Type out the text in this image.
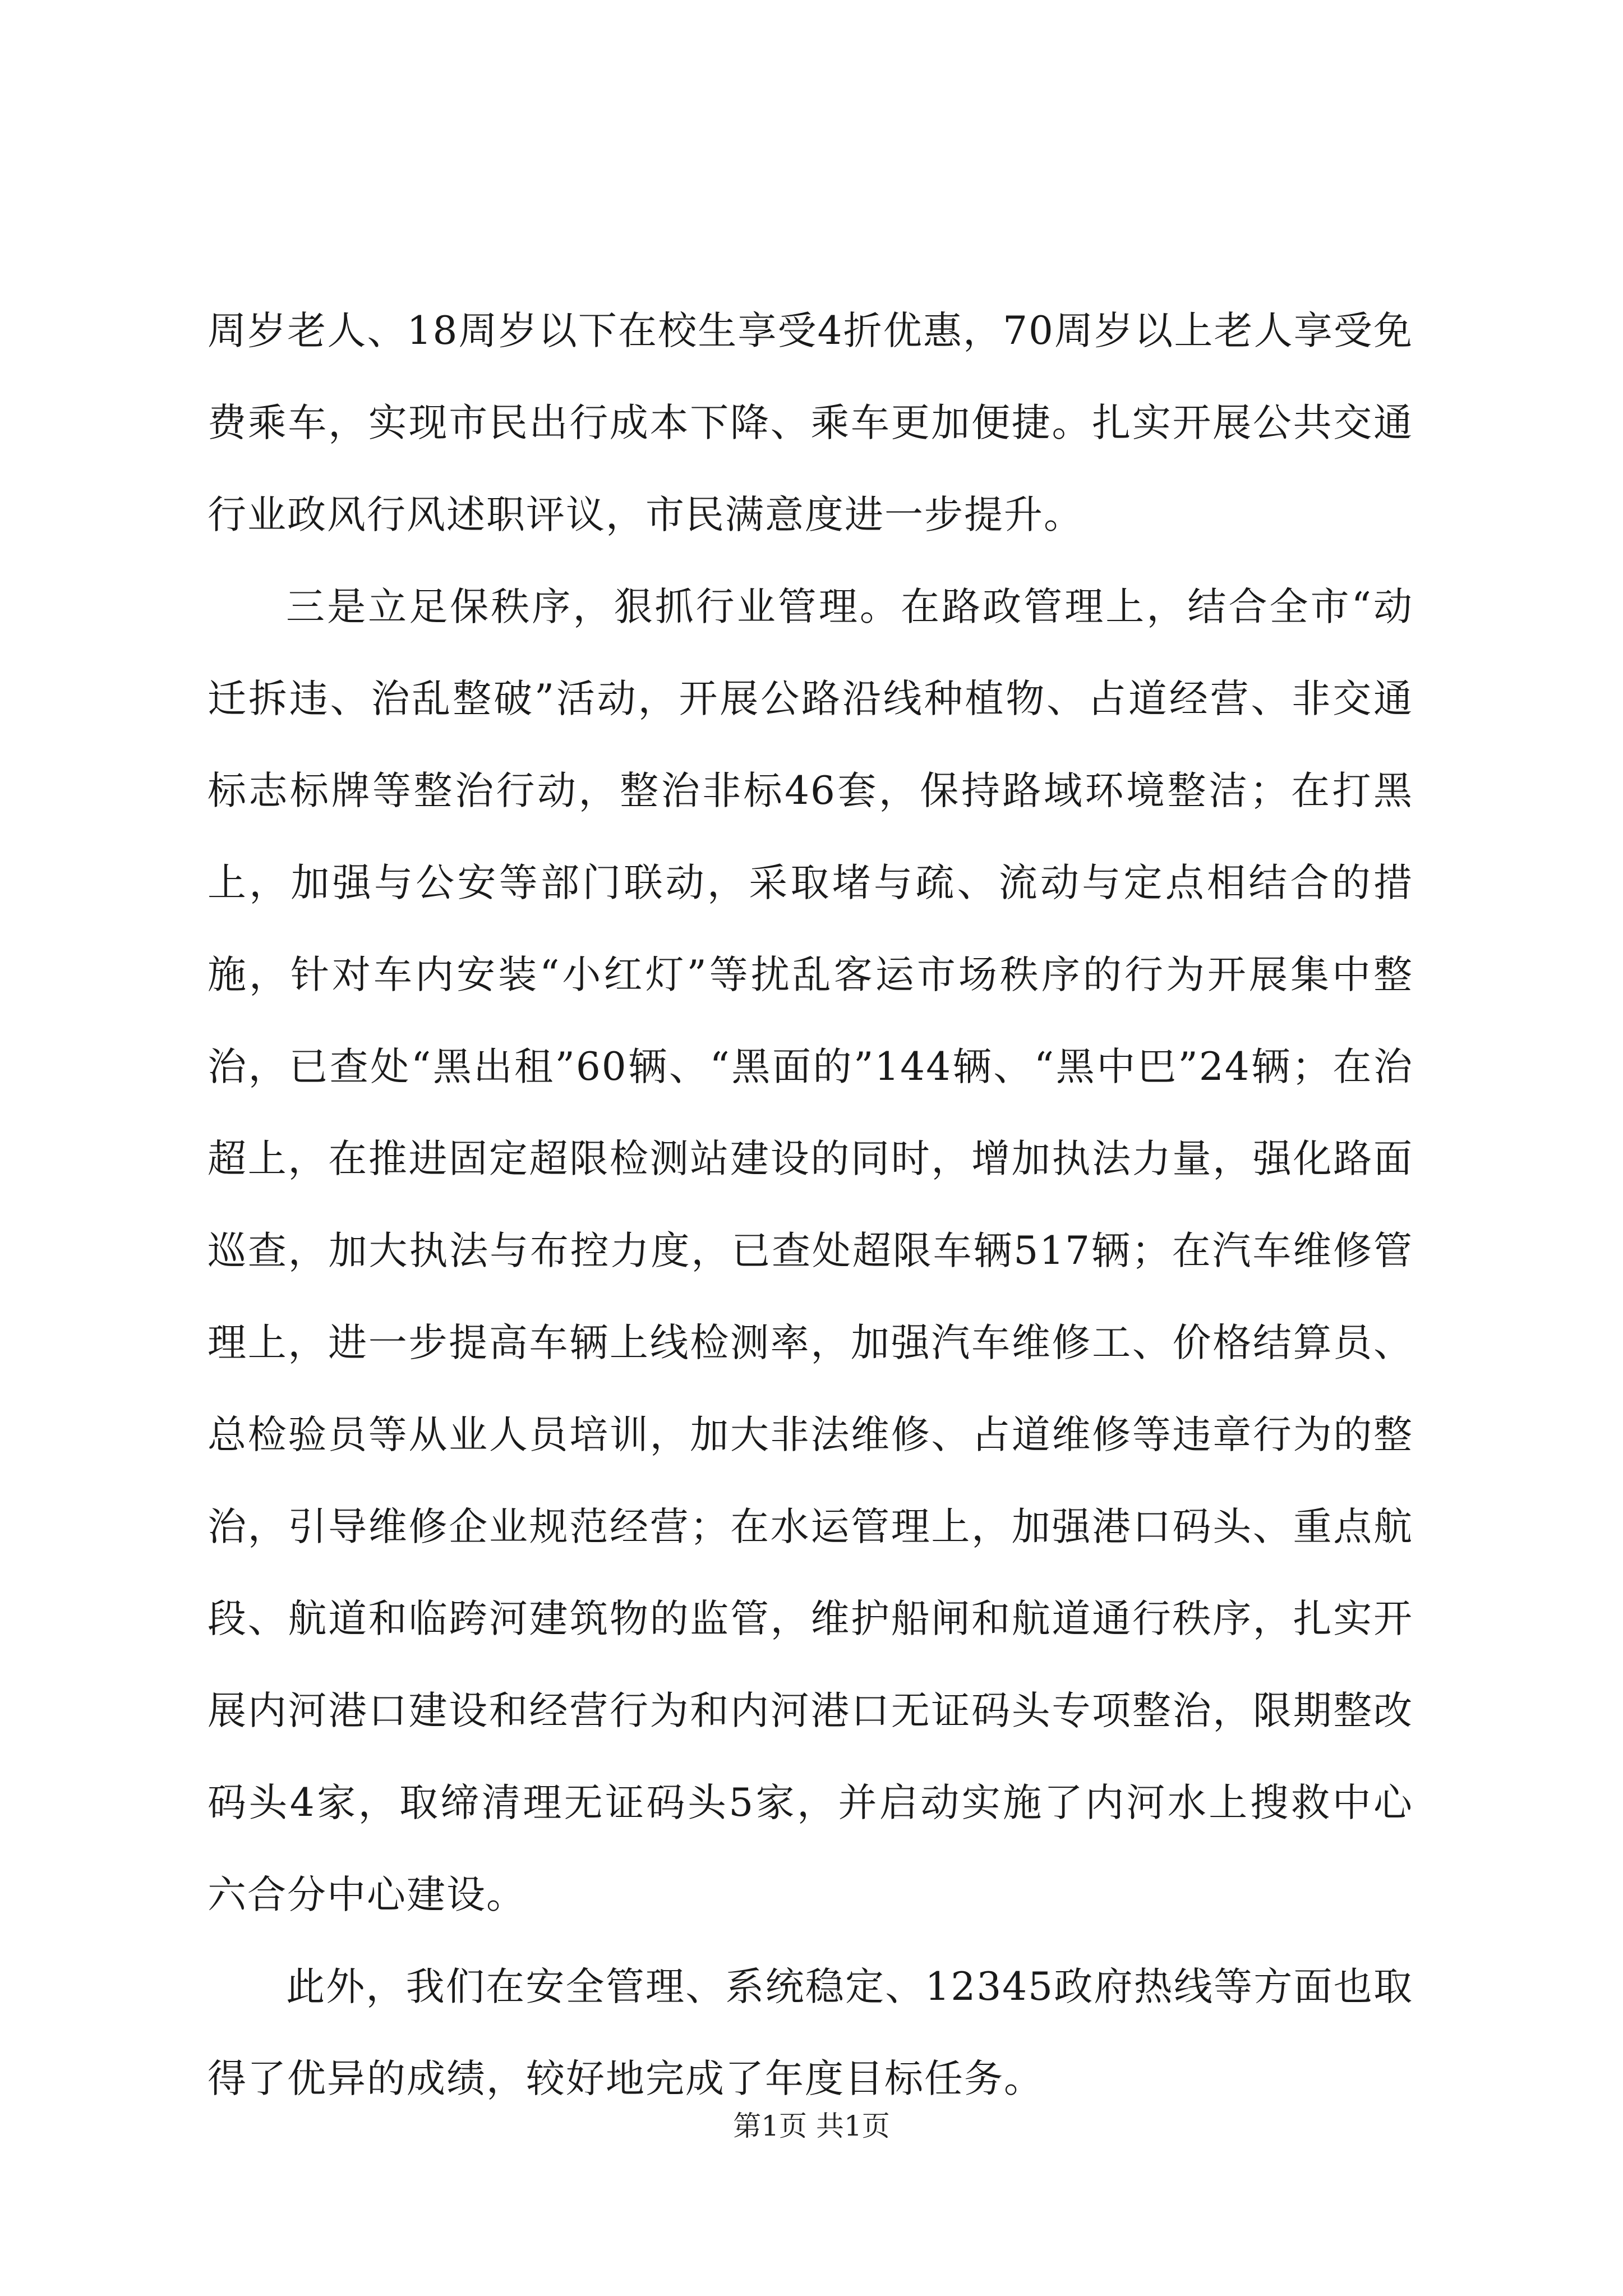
周岁老人、18周岁以下在校生享受4折优惠，70周岁以上老人享受免费乘车，实现市民出行成本下降、乘车更加便捷。扎实开展公共交通行业政风行风述职评议，市民满意度进一步提升。

三是立足保秩序，狠抓行业管理。在路政管理上，结合全市“动迁拆违、治乱整破”活动，开展公路沿线种植物、占道经营、非交通标志标牌等整治行动，整治非标46套，保持路域环境整洁；在打黑上，加强与公安等部门联动，采取堵与疏、流动与定点相结合的措施，针对车内安装“小红灯”等扰乱客运市场秩序的行为开展集中整治，已查处“黑出租”60辆、“黑面的”144辆、“黑中巴”24辆；在治超上，在推进固定超限检测站建设的同时，增加执法力量，强化路面巡查，加大执法与布控力度，已查处超限车辆517辆；在汽车维修管理上，进一步提高车辆上线检测率，加强汽车维修工、价格结算员、总检验员等从业人员培训，加大非法维修、占道维修等违章行为的整治，引导维修企业规范经营；在水运管理上，加强港口码头、重点航段、航道和临跨河建筑物的监管，维护船闸和航道通行秩序，扎实开展内河港口建设和经营行为和内河港口无证码头专项整治，限期整改码头4家，取缔清理无证码头5家，并启动实施了内河水上搜救中心六合分中心建设。

此外，我们在安全管理、系统稳定、12345政府热线等方面也取得了优异的成绩，较好地完成了年度目标任务。

第1页 共1页
